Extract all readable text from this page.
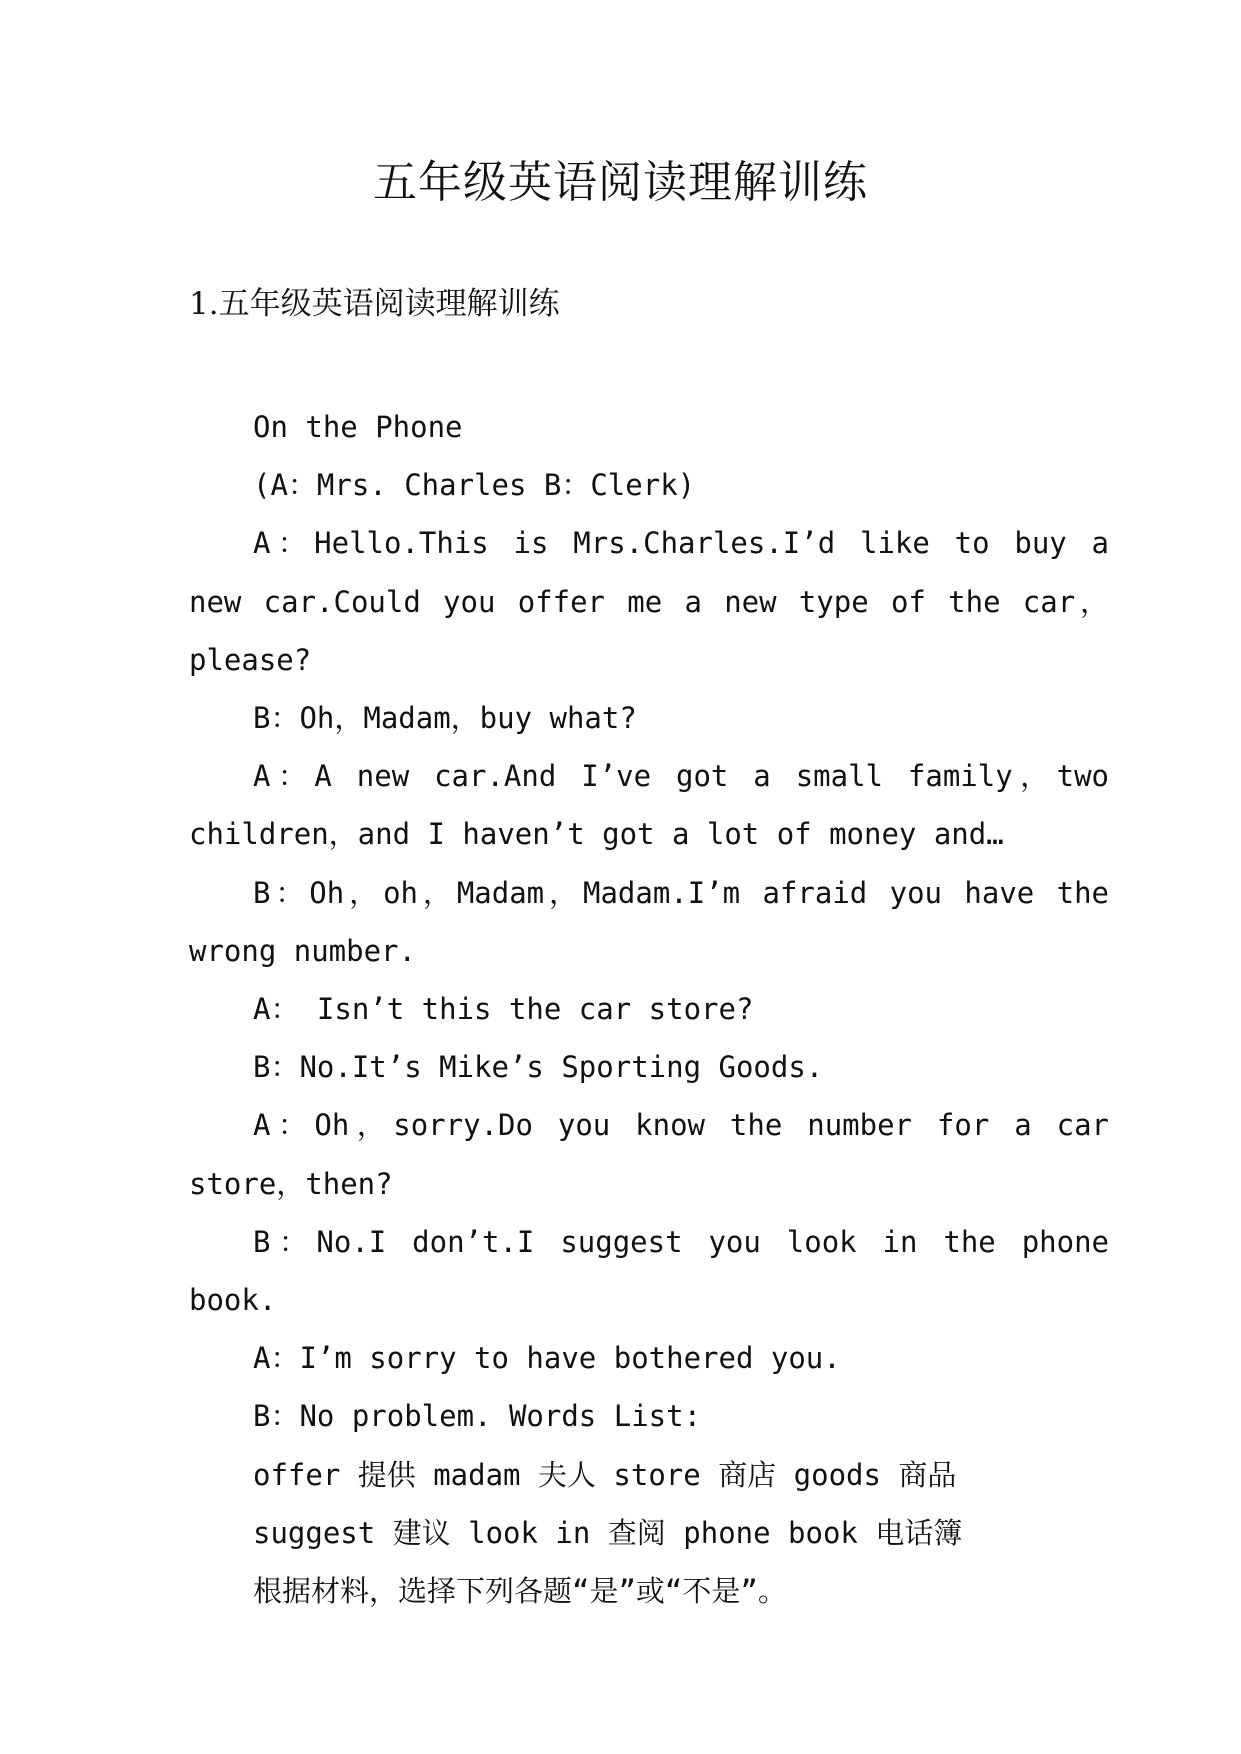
五年级英语阅读理解训练
1.五年级英语阅读理解训练

On the Phone

(A：Mrs. Charles B：Clerk)

A：Hello.This is Mrs.Charles.I’d like to buy a new car.Could you offer me a new type of the car，please?

B：Oh，Madam，buy what?

A：A new car.And I’ve got a small family，two children，and I haven’t got a lot of money and…

B：Oh，oh，Madam，Madam.I’m afraid you have the wrong number.

A： Isn’t this the car store?

B：No.It’s Mike’s Sporting Goods.

A：Oh，sorry.Do you know the number for a car store，then?

B：No.I don’t.I suggest you look in the phone book.

A：I’m sorry to have bothered you.

B：No problem. Words List:

offer 提供 madam 夫人 store 商店 goods 商品

suggest 建议 look in 查阅 phone book 电话簿

根据材料，选择下列各题“是”或“不是”。
